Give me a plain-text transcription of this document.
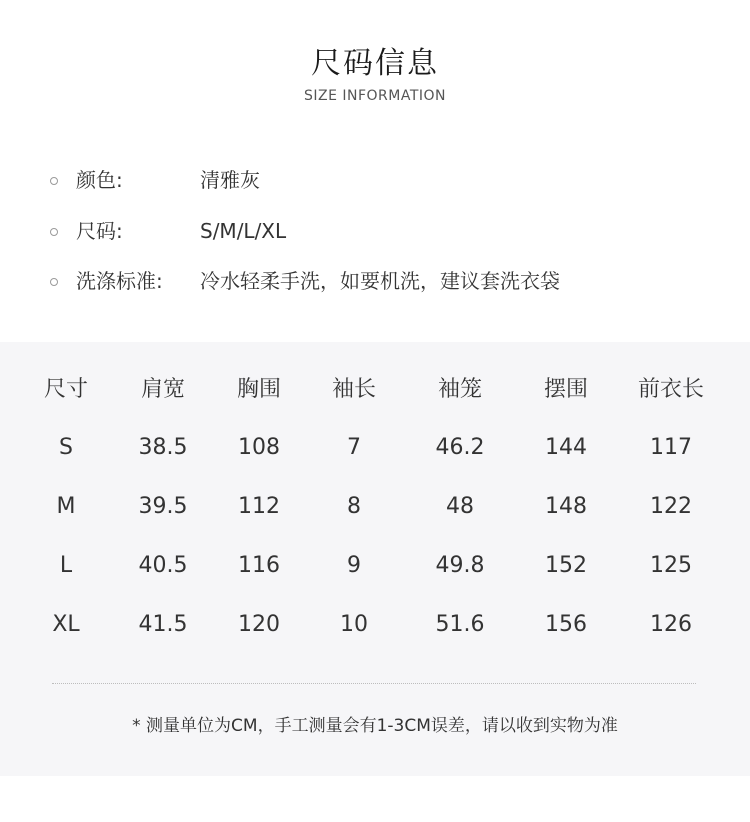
尺码信息
SIZE INFORMATION
颜色:	清雅灰
尺码:	S/M/L/XL
洗涤标准: 冷水轻柔手洗，如要机洗，建议套洗衣袋
尺寸	肩宽	胸围	袖长	袖笼	摆围	前衣长
S	38.5	108	7	46.2	144	117
M	39.5	112	8	48	148	122
L	40.5	116	9	49.8	152	125
XL	41.5	120	10	51.6	156	126
* 测量单位为CM，手工测量会有1-3CM误差，请以收到实物为准
